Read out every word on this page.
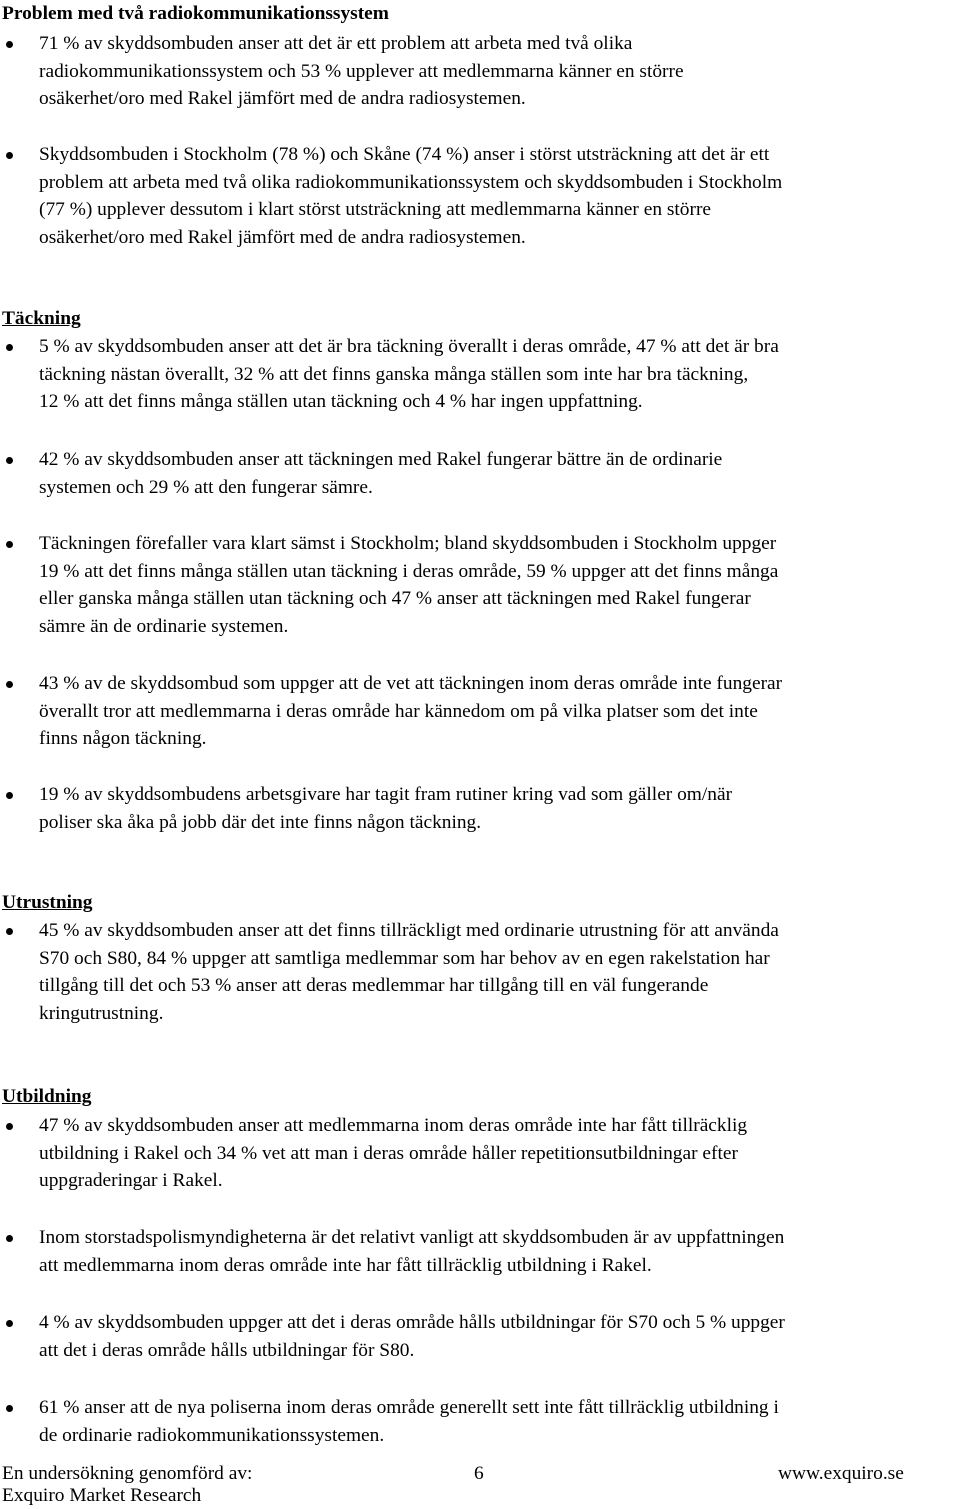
Problem med två radiokommunikationssystem
71 % av skyddsombuden anser att det är ett problem att arbeta med två olika
radiokommunikationssystem och 53 % upplever att medlemmarna känner en större
osäkerhet/oro med Rakel jämfört med de andra radiosystemen.
Skyddsombuden i Stockholm (78 %) och Skåne (74 %) anser i störst utsträckning att det är ett
problem att arbeta med två olika radiokommunikationssystem och skyddsombuden i Stockholm
(77 %) upplever dessutom i klart störst utsträckning att medlemmarna känner en större
osäkerhet/oro med Rakel jämfört med de andra radiosystemen.
Täckning
5 % av skyddsombuden anser att det är bra täckning överallt i deras område, 47 % att det är bra
täckning nästan överallt, 32 % att det finns ganska många ställen som inte har bra täckning,
12 % att det finns många ställen utan täckning och 4 % har ingen uppfattning.
42 % av skyddsombuden anser att täckningen med Rakel fungerar bättre än de ordinarie
systemen och 29 % att den fungerar sämre.
Täckningen förefaller vara klart sämst i Stockholm; bland skyddsombuden i Stockholm uppger
19 % att det finns många ställen utan täckning i deras område, 59 % uppger att det finns många
eller ganska många ställen utan täckning och 47 % anser att täckningen med Rakel fungerar
sämre än de ordinarie systemen.
43 % av de skyddsombud som uppger att de vet att täckningen inom deras område inte fungerar
överallt tror att medlemmarna i deras område har kännedom om på vilka platser som det inte
finns någon täckning.
19 % av skyddsombudens arbetsgivare har tagit fram rutiner kring vad som gäller om/när
poliser ska åka på jobb där det inte finns någon täckning.
Utrustning
45 % av skyddsombuden anser att det finns tillräckligt med ordinarie utrustning för att använda
S70 och S80, 84 % uppger att samtliga medlemmar som har behov av en egen rakelstation har
tillgång till det och 53 % anser att deras medlemmar har tillgång till en väl fungerande
kringutrustning.
Utbildning
47 % av skyddsombuden anser att medlemmarna inom deras område inte har fått tillräcklig
utbildning i Rakel och 34 % vet att man i deras område håller repetitionsutbildningar efter
uppgraderingar i Rakel.
Inom storstadspolismyndigheterna är det relativt vanligt att skyddsombuden är av uppfattningen
att medlemmarna inom deras område inte har fått tillräcklig utbildning i Rakel.
4 % av skyddsombuden uppger att det i deras område hålls utbildningar för S70 och 5 % uppger
att det i deras område hålls utbildningar för S80.
61 % anser att de nya poliserna inom deras område generellt sett inte fått tillräcklig utbildning i
de ordinarie radiokommunikationssystemen.
En undersökning genomförd av:
Exquiro Market Research
6	www.exquiro.se
